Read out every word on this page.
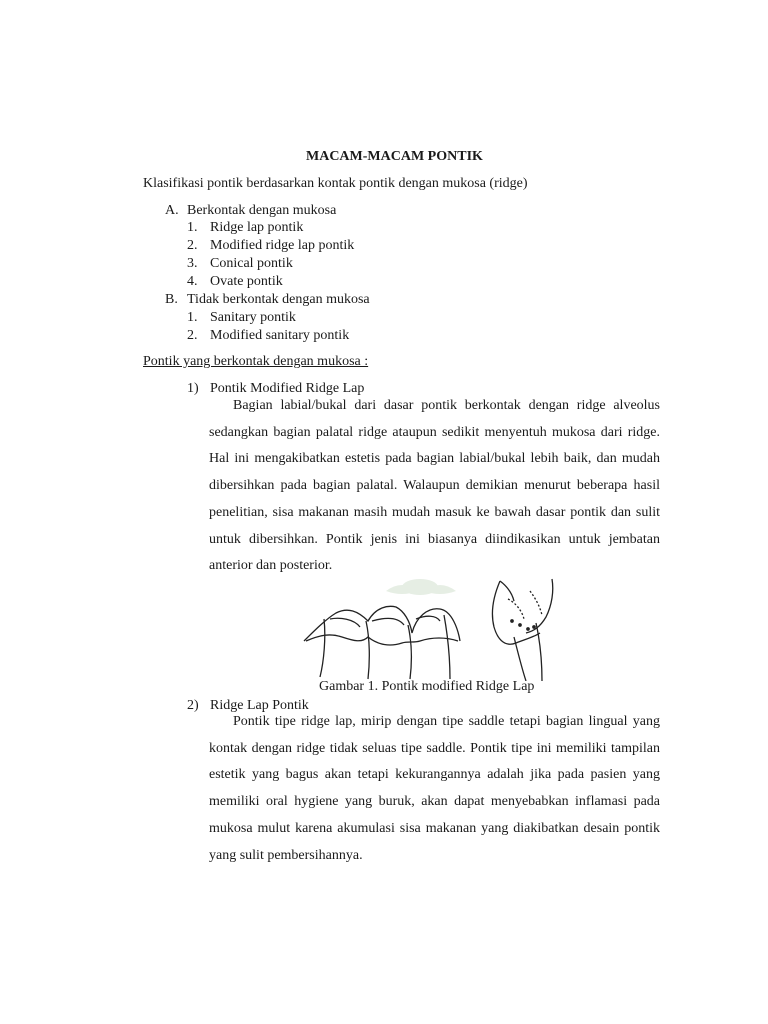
MACAM-MACAM PONTIK
Klasifikasi pontik berdasarkan kontak pontik dengan mukosa (ridge)
A. Berkontak dengan mukosa
1. Ridge lap pontik
2. Modified ridge lap pontik
3. Conical pontik
4. Ovate pontik
B. Tidak berkontak dengan mukosa
1. Sanitary pontik
2. Modified sanitary pontik
Pontik yang berkontak dengan mukosa :
1) Pontik Modified Ridge Lap
Bagian labial/bukal dari dasar pontik berkontak dengan ridge alveolus sedangkan bagian palatal ridge ataupun sedikit menyentuh mukosa dari ridge. Hal ini mengakibatkan estetis pada bagian labial/bukal lebih baik, dan mudah dibersihkan pada bagian palatal. Walaupun demikian menurut beberapa hasil penelitian, sisa makanan masih mudah masuk ke bawah dasar pontik dan sulit untuk dibersihkan. Pontik jenis ini biasanya diindikasikan untuk jembatan anterior dan posterior.
Gambar 1. Pontik modified Ridge Lap
2) Ridge Lap Pontik
Pontik tipe ridge lap, mirip dengan tipe saddle tetapi bagian lingual yang kontak dengan ridge tidak seluas tipe saddle. Pontik tipe ini memiliki tampilan estetik yang bagus akan tetapi kekurangannya adalah jika pada pasien yang memiliki oral hygiene yang buruk, akan dapat menyebabkan inflamasi pada mukosa mulut karena akumulasi sisa makanan yang diakibatkan desain pontik yang sulit pembersihannya.
